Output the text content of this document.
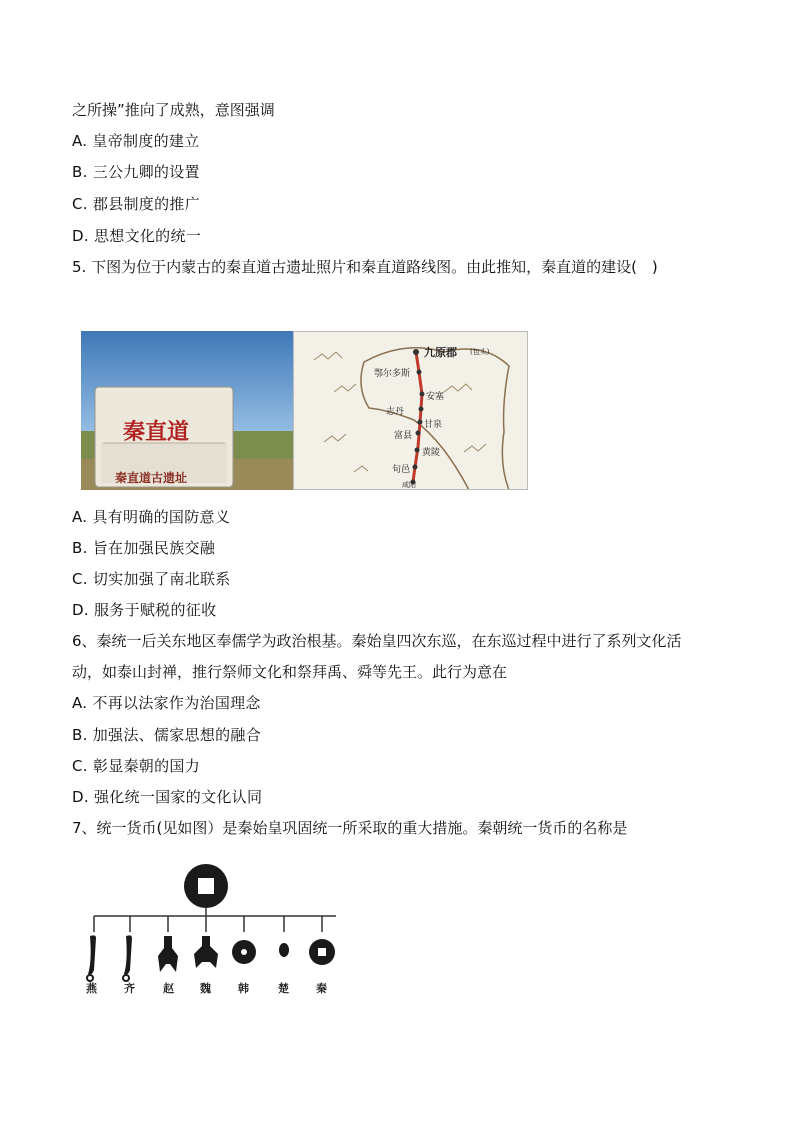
之所操”推向了成熟，意图强调
A. 皇帝制度的建立
B. 三公九卿的设置
C. 郡县制度的推广
D. 思想文化的统一
5. 下图为位于内蒙古的秦直道古遗址照片和秦直道路线图。由此推知，秦直道的建设(　)
秦直道
秦直道古遗址
九原郡 (包头)
鄂尔多斯
安塞
志丹
甘泉
富县
黄陵
旬邑
咸阳
A. 具有明确的国防意义
B. 旨在加强民族交融
C. 切实加强了南北联系
D. 服务于赋税的征收
6、秦统一后关东地区奉儒学为政治根基。秦始皇四次东巡，在东巡过程中进行了系列文化活
动，如泰山封禅，推行祭师文化和祭拜禹、舜等先王。此行为意在
A. 不再以法家作为治国理念
B. 加强法、儒家思想的融合
C. 彰显秦朝的国力
D. 强化统一国家的文化认同
7、统一货币(见如图）是秦始皇巩固统一所采取的重大措施。秦朝统一货币的名称是
燕 齐	赵 魏 韩	楚 秦
